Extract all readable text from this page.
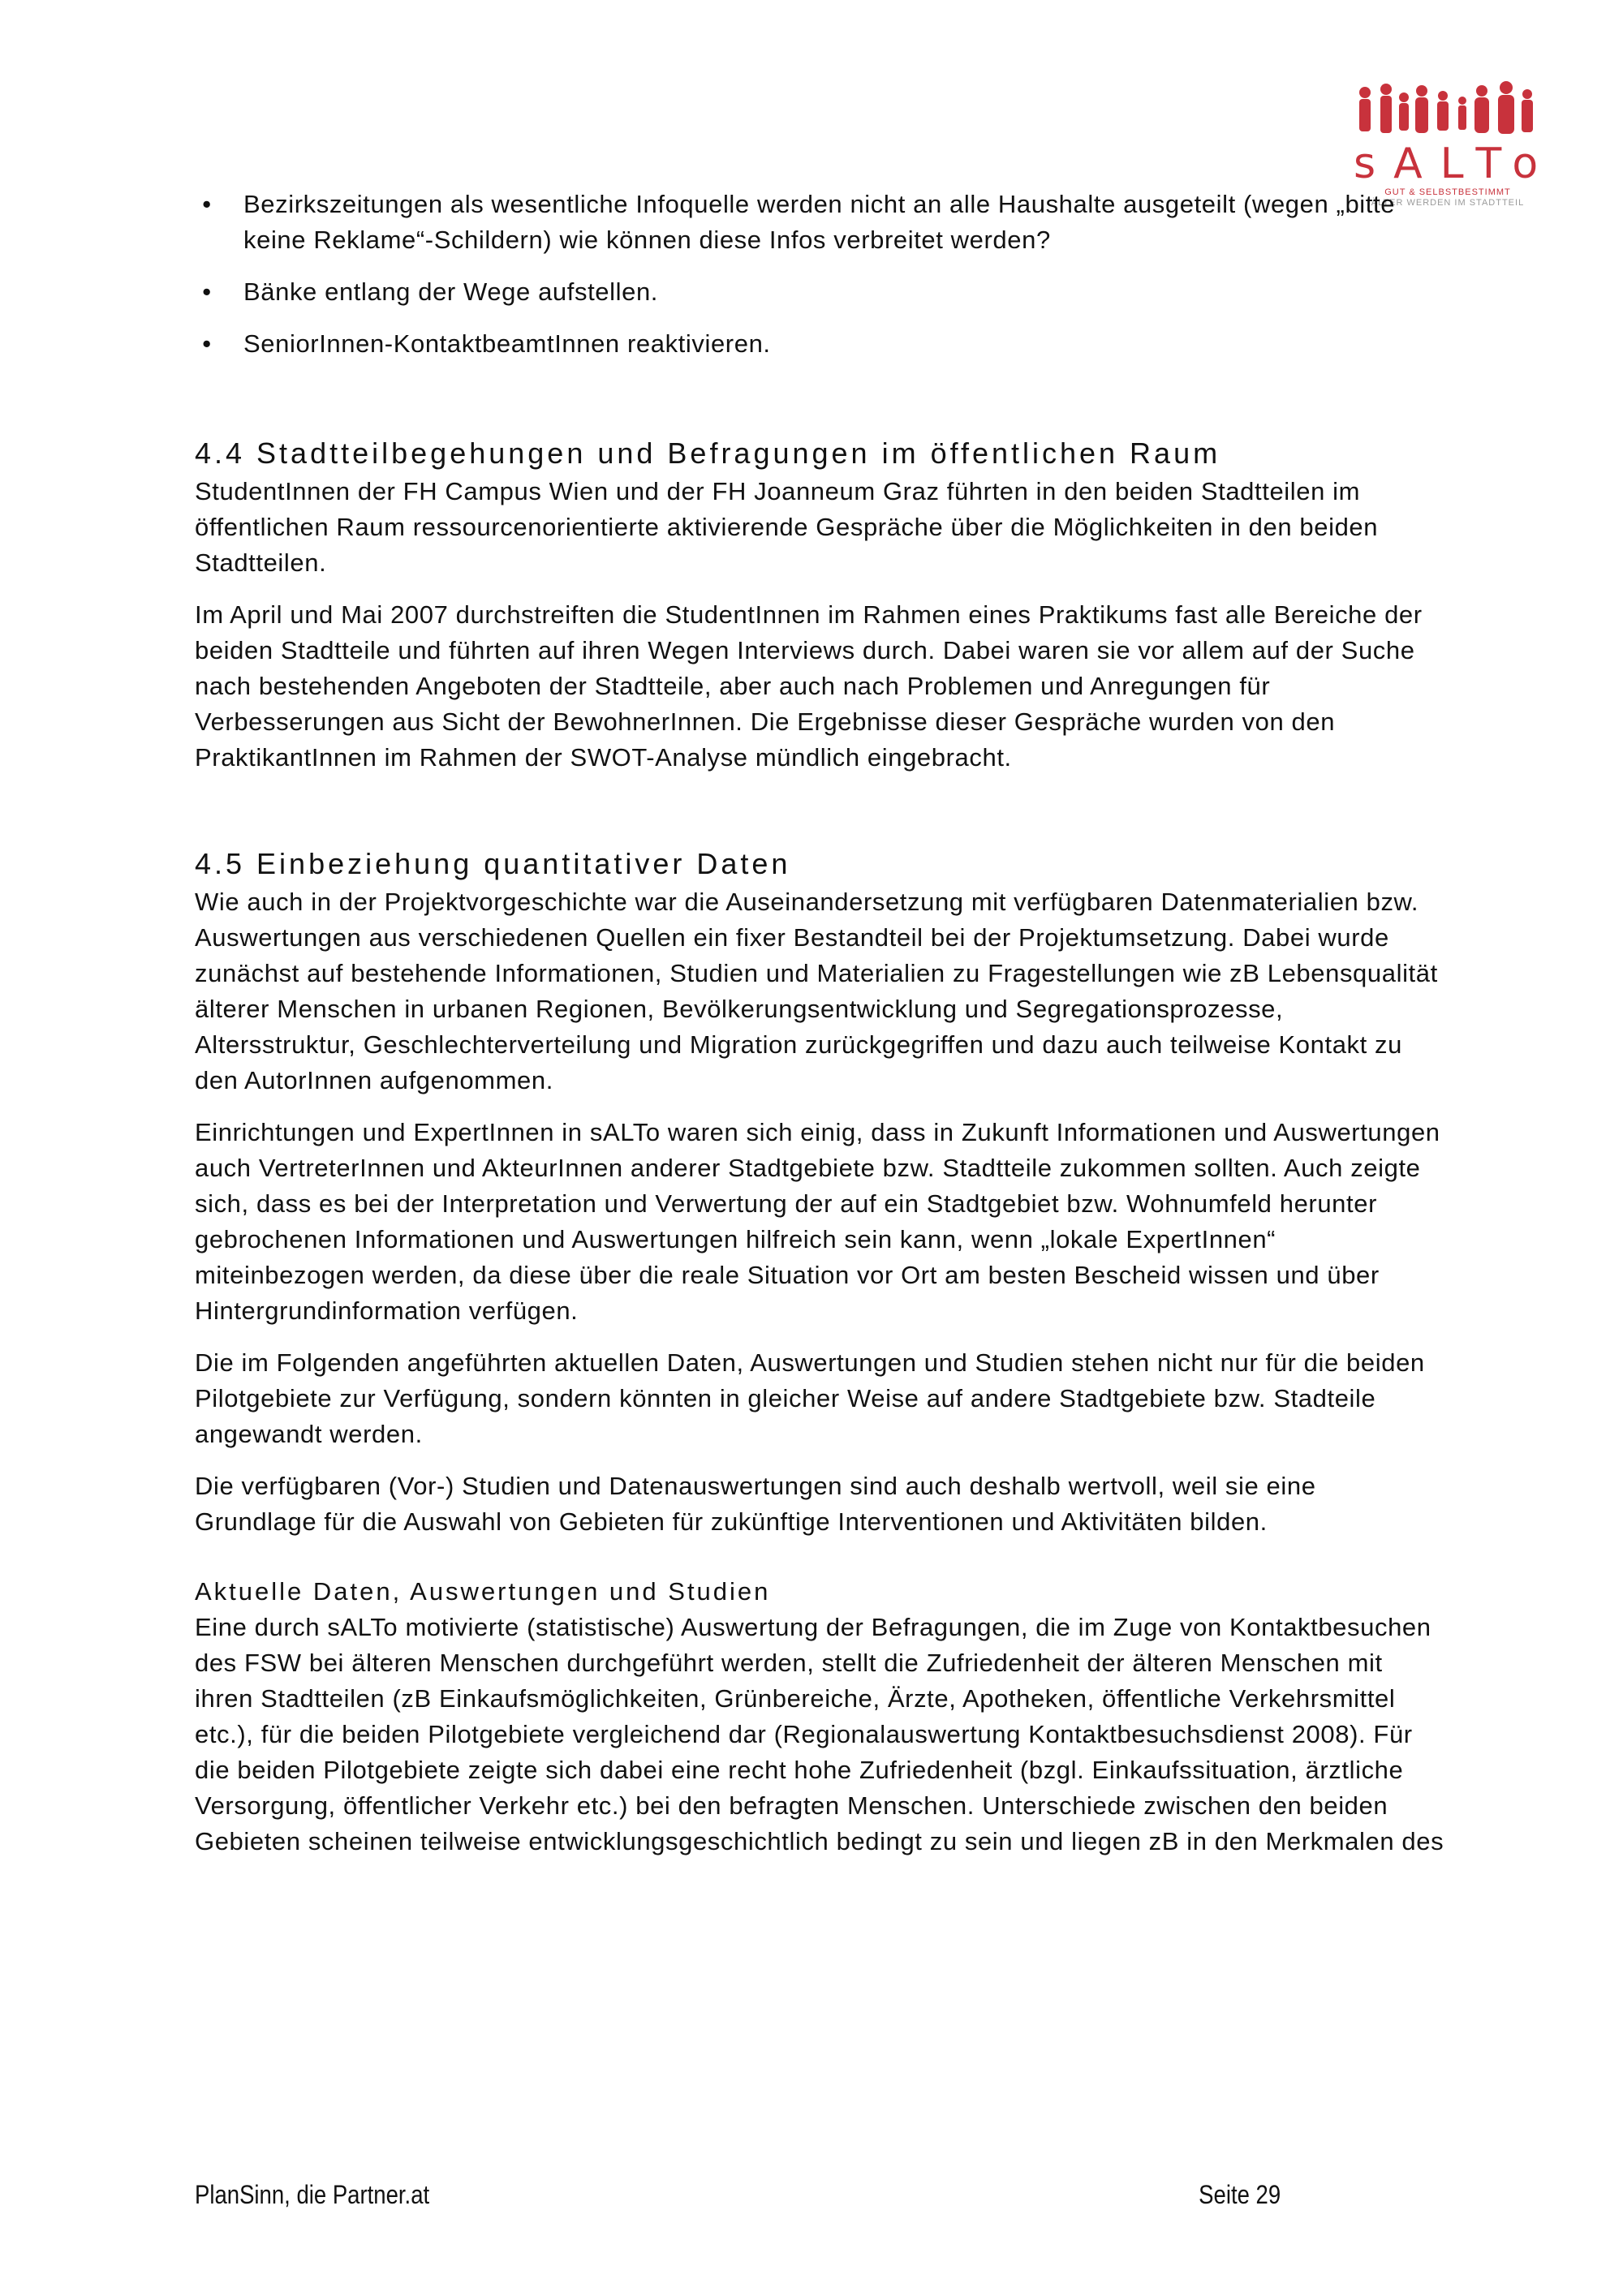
sALTo
GUT & SELBSTBESTIMMT
ÄLTER WERDEN IM STADTTEIL
• Bezirkszeitungen als wesentliche Infoquelle werden nicht an alle Haushalte ausgeteilt (wegen „bitte keine Reklame“-Schildern) wie können diese Infos verbreitet werden?
• Bänke entlang der Wege aufstellen.
• SeniorInnen-KontaktbeamtInnen reaktivieren.
4.4 Stadtteilbegehungen und Befragungen im öffentlichen Raum

StudentInnen der FH Campus Wien und der FH Joanneum Graz führten in den beiden Stadtteilen im öffentlichen Raum ressourcenorientierte aktivierende Gespräche über die Möglichkeiten in den beiden Stadtteilen.

Im April und Mai 2007 durchstreiften die StudentInnen im Rahmen eines Praktikums fast alle Bereiche der beiden Stadtteile und führten auf ihren Wegen Interviews durch. Dabei waren sie vor allem auf der Suche nach bestehenden Angeboten der Stadtteile, aber auch nach Problemen und Anregungen für Verbesserungen aus Sicht der BewohnerInnen. Die Ergebnisse dieser Gespräche wurden von den PraktikantInnen im Rahmen der SWOT-Analyse mündlich eingebracht.

4.5 Einbeziehung quantitativer Daten

Wie auch in der Projektvorgeschichte war die Auseinandersetzung mit verfügbaren Datenmaterialien bzw. Auswertungen aus verschiedenen Quellen ein fixer Bestandteil bei der Projektumsetzung. Dabei wurde zunächst auf bestehende Informationen, Studien und Materialien zu Fragestellungen wie zB Lebensqualität älterer Menschen in urbanen Regionen, Bevölkerungsentwicklung und Segregationsprozesse, Altersstruktur, Geschlechterverteilung und Migration zurückgegriffen und dazu auch teilweise Kontakt zu den AutorInnen aufgenommen.

Einrichtungen und ExpertInnen in sALTo waren sich einig, dass in Zukunft Informationen und Auswertungen auch VertreterInnen und AkteurInnen anderer Stadtgebiete bzw. Stadtteile zukommen sollten. Auch zeigte sich, dass es bei der Interpretation und Verwertung der auf ein Stadtgebiet bzw. Wohnumfeld herunter gebrochenen Informationen und Auswertungen hilfreich sein kann, wenn „lokale ExpertInnen“ miteinbezogen werden, da diese über die reale Situation vor Ort am besten Bescheid wissen und über Hintergrundinformation verfügen.

Die im Folgenden angeführten aktuellen Daten, Auswertungen und Studien stehen nicht nur für die beiden Pilotgebiete zur Verfügung, sondern könnten in gleicher Weise auf andere Stadtgebiete bzw. Stadteile angewandt werden.

Die verfügbaren (Vor-) Studien und Datenauswertungen sind auch deshalb wertvoll, weil sie eine Grundlage für die Auswahl von Gebieten für zukünftige Interventionen und Aktivitäten bilden.

Aktuelle Daten, Auswertungen und Studien

Eine durch sALTo motivierte (statistische) Auswertung der Befragungen, die im Zuge von Kontaktbesuchen des FSW bei älteren Menschen durchgeführt werden, stellt die Zufriedenheit der älteren Menschen mit ihren Stadtteilen (zB Einkaufsmöglichkeiten, Grünbereiche, Ärzte, Apotheken, öffentliche Verkehrsmittel etc.), für die beiden Pilotgebiete vergleichend dar (Regionalauswertung Kontaktbesuchsdienst 2008). Für die beiden Pilotgebiete zeigte sich dabei eine recht hohe Zufriedenheit (bzgl. Einkaufssituation, ärztliche Versorgung, öffentlicher Verkehr etc.) bei den befragten Menschen. Unterschiede zwischen den beiden Gebieten scheinen teilweise entwicklungsgeschichtlich bedingt zu sein und liegen zB in den Merkmalen des

PlanSinn, die Partner.at	Seite 29
